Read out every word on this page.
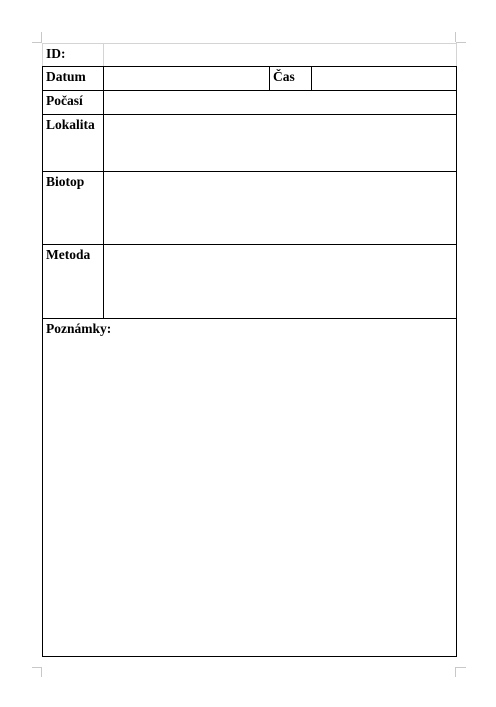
ID:			
Datum		Čas	
Počasí			
Lokalita			
Biotop			
Metoda			
Poznámky:			
